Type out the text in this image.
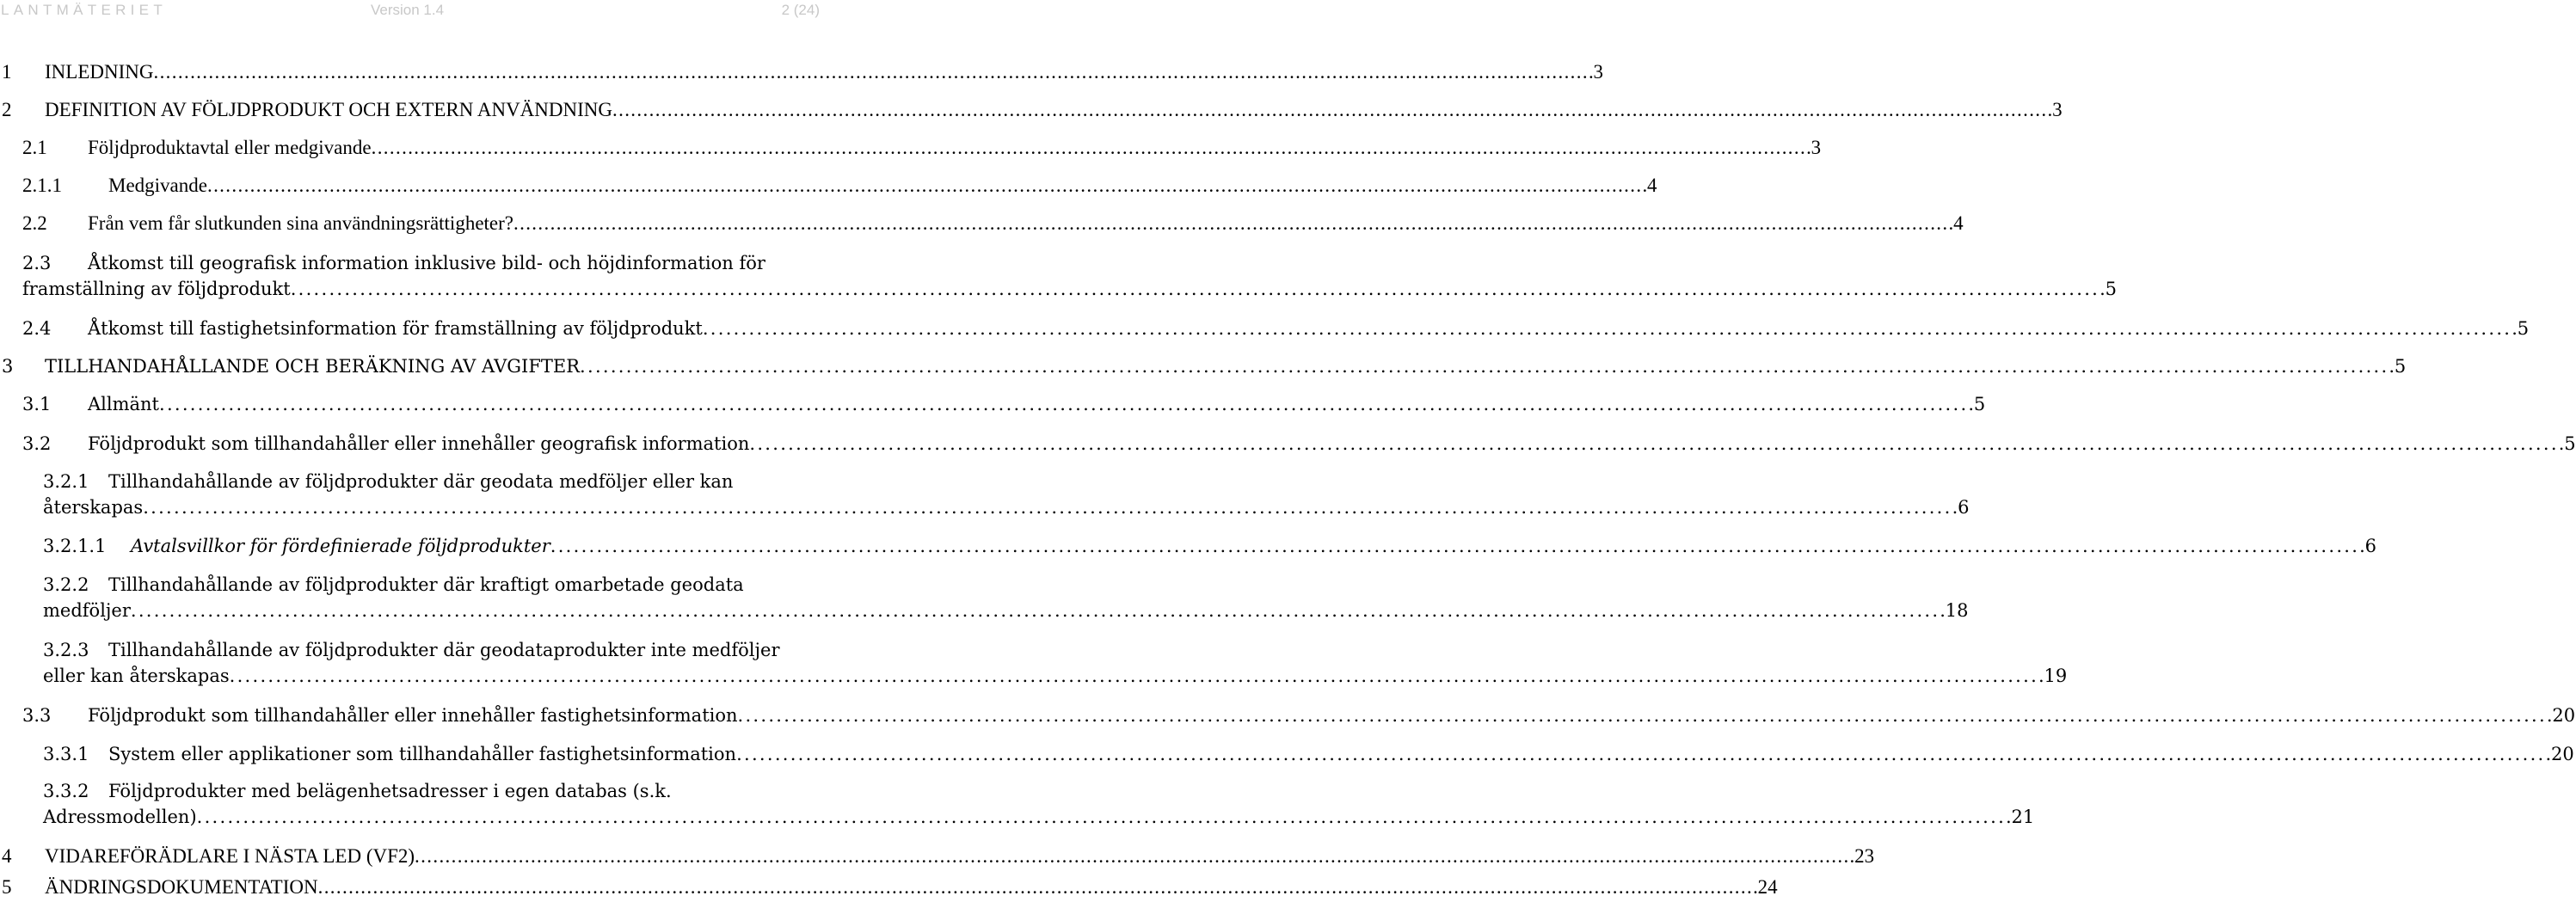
LANTMÄTERIET	Version 1.4	2 (24)
1 INLEDNING . . .	3
2 DEFINITION AV FÖLJDPRODUKT OCH EXTERN ANVÄNDNING . . .	3
2.1 Följdproduktavtal eller medgivande . . .	3
2.1.1 Medgivande . . .	4
2.2 Från vem får slutkunden sina användningsrättigheter? . . .	4
2.3 Åtkomst till geografisk information inklusive bild- och höjdinformation för
framställning av följdprodukt . . .	5
2.4 Åtkomst till fastighetsinformation för framställning av följdprodukt . . .	5
3 TILLHANDAHÅLLANDE OCH BERÄKNING AV AVGIFTER . . .	5
3.1 Allmänt . . .	5
3.2 Följdprodukt som tillhandahåller eller innehåller geografisk information . . .	5
3.2.1 Tillhandahållande av följdprodukter där geodata medföljer eller kan
återskapas . . .	6
3.2.1.1 Avtalsvillkor för fördefinierade följdprodukter . . .	6
3.2.2 Tillhandahållande av följdprodukter där kraftigt omarbetade geodata
medföljer . . .	18
3.2.3 Tillhandahållande av följdprodukter där geodataprodukter inte medföljer
eller kan återskapas . . .	19
3.3 Följdprodukt som tillhandahåller eller innehåller fastighetsinformation . . .	20
3.3.1 System eller applikationer som tillhandahåller fastighetsinformation . . .	20
3.3.2 Följdprodukter med belägenhetsadresser i egen databas (s.k.
Adressmodellen) . . .	21
4 VIDAREFÖRÄDLARE I NÄSTA LED (VF2) . . .	23
5 ÄNDRINGSDOKUMENTATION . . .	24
